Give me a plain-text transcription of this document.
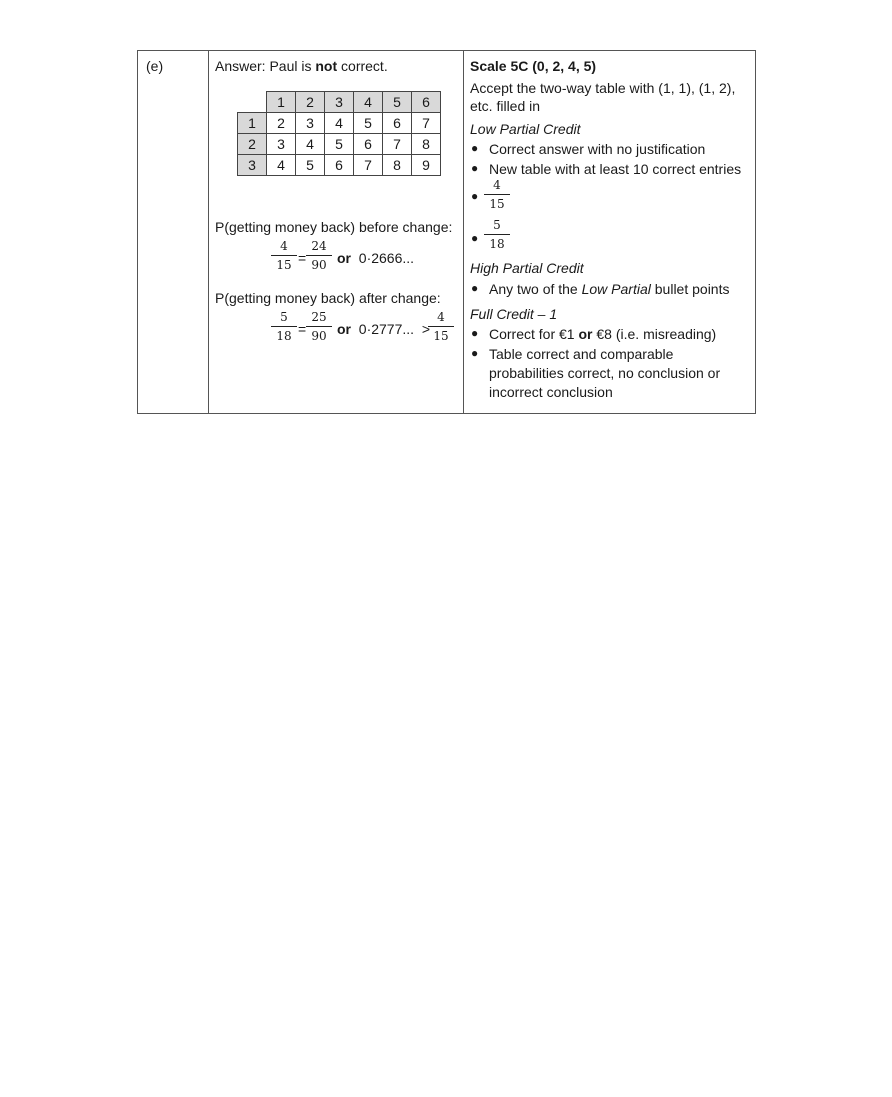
(e)	Answer: Paul is not correct.
	1	2	3	4	5	6
1	2	3	4	5	6	7
2	3	4	5	6	7	8
3	4	5	6	7	8	9
P(getting money back) before change:
4
15 =
24
90 or 0·2666...
P(getting money back) after change:
5
18 =
25
90 or 0·2777... >
4
15
Scale 5C (0, 2, 4, 5)
Accept the two-way table with (1, 1), (1, 2),
etc. filled in
Low Partial Credit
● Correct answer with no justification
● New table with at least 10 correct entries
●
4
15
●
5
18
High Partial Credit
● Any two of the Low Partial bullet points
Full Credit – 1
● Correct for €1 or €8 (i.e. misreading)
● Table correct and comparable
probabilities correct, no conclusion or
incorrect conclusion
